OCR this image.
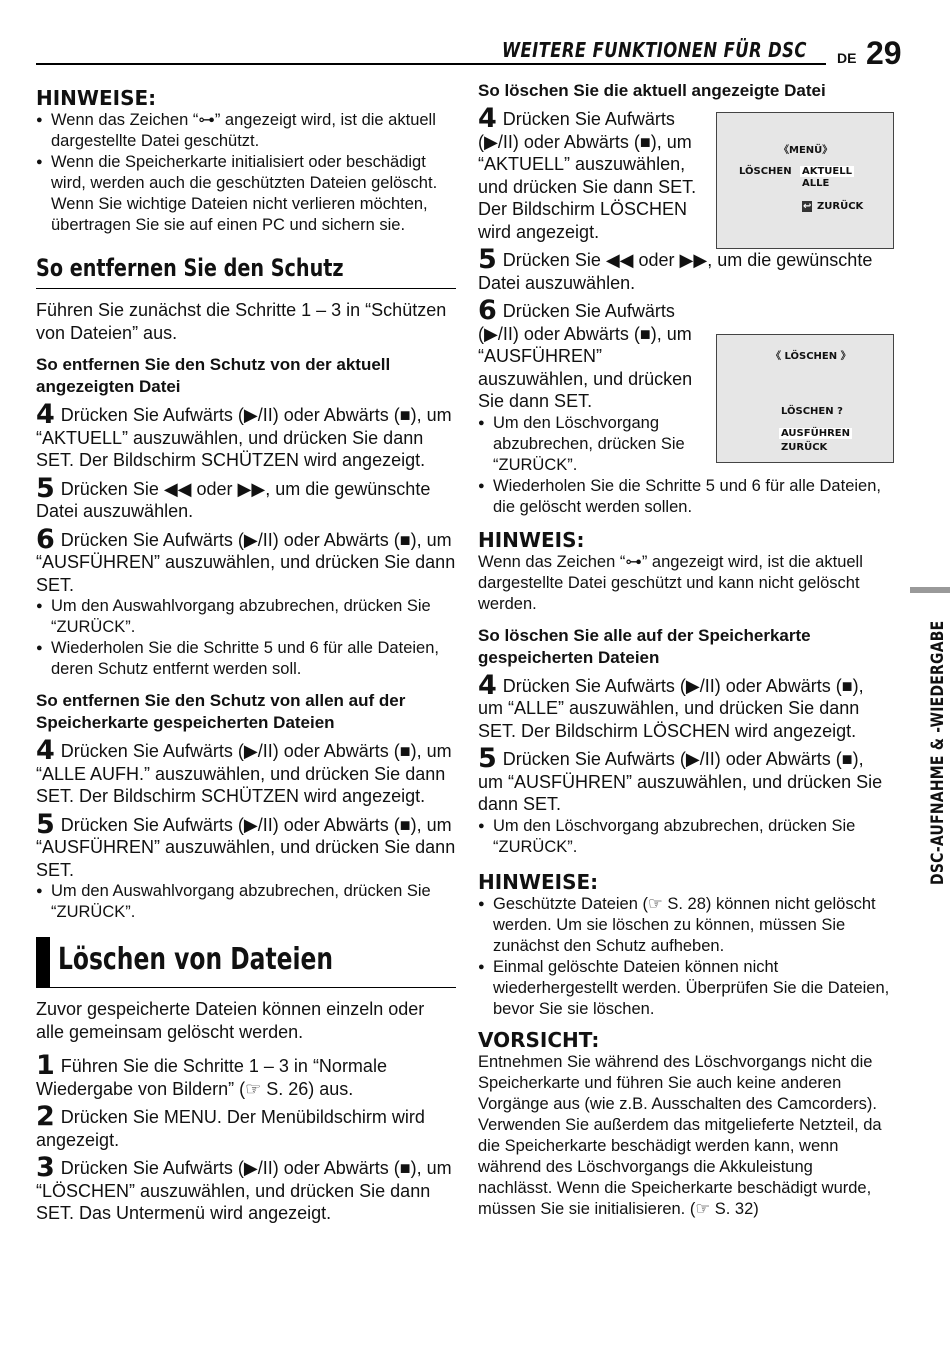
WEITERE FUNKTIONEN FÜR DSC DE 29
HINWEISE:
● Wenn das Zeichen “⊶” angezeigt wird, ist die aktuell dargestellte Datei geschützt.
● Wenn die Speicherkarte initialisiert oder beschädigt wird, werden auch die geschützten Dateien gelöscht. Wenn Sie wichtige Dateien nicht verlieren möchten, übertragen Sie sie auf einen PC und sichern sie.
So entfernen Sie den Schutz

Führen Sie zunächst die Schritte 1 – 3 in “Schützen von Dateien” aus.

So entfernen Sie den Schutz von der aktuell angezeigten Datei
4 Drücken Sie Aufwärts (▶/II) oder Abwärts (■), um “AKTUELL” auszuwählen, und drücken Sie dann SET. Der Bildschirm SCHÜTZEN wird angezeigt.
5 Drücken Sie ◀◀ oder ▶▶, um die gewünschte Datei auszuwählen.
6 Drücken Sie Aufwärts (▶/II) oder Abwärts (■), um “AUSFÜHREN” auszuwählen, und drücken Sie dann SET.
● Um den Auswahlvorgang abzubrechen, drücken Sie “ZURÜCK”.
● Wiederholen Sie die Schritte 5 und 6 für alle Dateien, deren Schutz entfernt werden soll.
So entfernen Sie den Schutz von allen auf der Speicherkarte gespeicherten Dateien
4 Drücken Sie Aufwärts (▶/II) oder Abwärts (■), um “ALLE AUFH.” auszuwählen, und drücken Sie dann SET. Der Bildschirm SCHÜTZEN wird angezeigt.
5 Drücken Sie Aufwärts (▶/II) oder Abwärts (■), um “AUSFÜHREN” auszuwählen, und drücken Sie dann SET.
● Um den Auswahlvorgang abzubrechen, drücken Sie “ZURÜCK”.
Löschen von Dateien

Zuvor gespeicherte Dateien können einzeln oder alle gemeinsam gelöscht werden.

1 Führen Sie die Schritte 1 – 3 in “Normale Wiedergabe von Bildern” (☞ S. 26) aus.
2 Drücken Sie MENU. Der Menübildschirm wird angezeigt.
3 Drücken Sie Aufwärts (▶/II) oder Abwärts (■), um “LÖSCHEN” auszuwählen, und drücken Sie dann SET. Das Untermenü wird angezeigt.
So löschen Sie die aktuell angezeigte Datei
4 Drücken Sie Aufwärts (▶/II) oder Abwärts (■), um “AKTUELL” auszuwählen, und drücken Sie dann SET. Der Bildschirm LÖSCHEN wird angezeigt.
5 Drücken Sie ◀◀ oder ▶▶, um die gewünschte Datei auszuwählen.
6 Drücken Sie Aufwärts (▶/II) oder Abwärts (■), um “AUSFÜHREN” auszuwählen, und drücken Sie dann SET.
● Um den Löschvorgang abzubrechen, drücken Sie “ZURÜCK”.
● Wiederholen Sie die Schritte 5 und 6 für alle Dateien, die gelöscht werden sollen.
HINWEIS:

Wenn das Zeichen “⊶” angezeigt wird, ist die aktuell dargestellte Datei geschützt und kann nicht gelöscht werden.

So löschen Sie alle auf der Speicherkarte gespeicherten Dateien
4 Drücken Sie Aufwärts (▶/II) oder Abwärts (■), um “ALLE” auszuwählen, und drücken Sie dann SET. Der Bildschirm LÖSCHEN wird angezeigt.
5 Drücken Sie Aufwärts (▶/II) oder Abwärts (■), um “AUSFÜHREN” auszuwählen, und drücken Sie dann SET.
● Um den Löschvorgang abzubrechen, drücken Sie “ZURÜCK”.
HINWEISE:
● Geschützte Dateien (☞ S. 28) können nicht gelöscht werden. Um sie löschen zu können, müssen Sie zunächst den Schutz aufheben.
● Einmal gelöschte Dateien können nicht wiederhergestellt werden. Überprüfen Sie die Dateien, bevor Sie sie löschen.
VORSICHT:

Entnehmen Sie während des Löschvorgangs nicht die Speicherkarte und führen Sie auch keine anderen Vorgänge aus (wie z.B. Ausschalten des Camcorders). Verwenden Sie außerdem das mitgelieferte Netzteil, da die Speicherkarte beschädigt werden kann, wenn während des Löschvorgangs die Akkuleistung nachlässt. Wenn die Speicherkarte beschädigt wurde, müssen Sie sie initialisieren. (☞ S. 32)

《MENÜ》
LÖSCHEN AKTUELL
ALLE
↩ ZURÜCK
《 LÖSCHEN 》
LÖSCHEN ?
AUSFÜHREN
ZURÜCK
DSC-AUFNAHME & -WIEDERGABE
